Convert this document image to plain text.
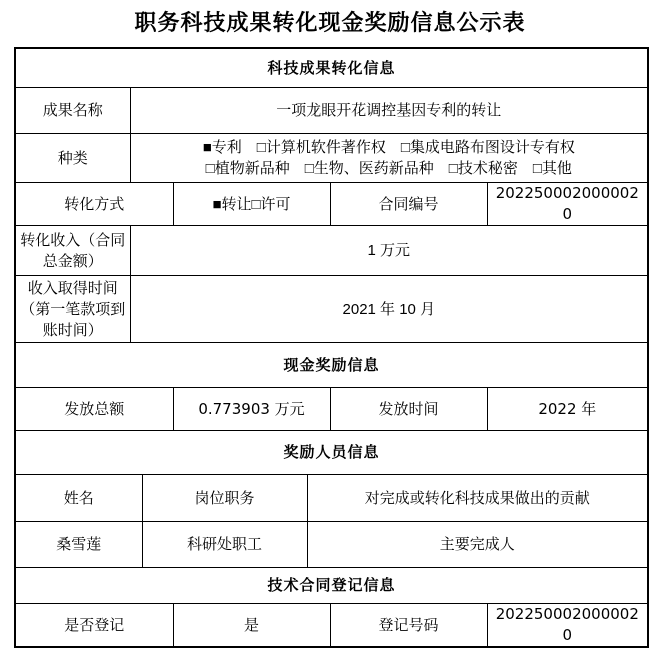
职务科技成果转化现金奖励信息公示表
科技成果转化信息						
成果名称	一项龙眼开花调控基因专利的转让					
种类	■专利　□计算机软件著作权　□集成电路布图设计专有权
□植物新品种　□生物、医药新品种　□技术秘密　□其他					

转化方式			■转让□许可		合同编号	2022500020000020
转化收入（合同总金额）	1 万元					
收入取得时间（第一笔款项到账时间）	2021 年 10 月					
现金奖励信息						
发放总额			0.773903 万元		发放时间	2022 年
奖励人员信息						
姓名		岗位职务		对完成或转化科技成果做出的贡献		
桑雪莲		科研处职工		主要完成人		
技术合同登记信息						
是否登记			是		登记号码	2022500020000020
